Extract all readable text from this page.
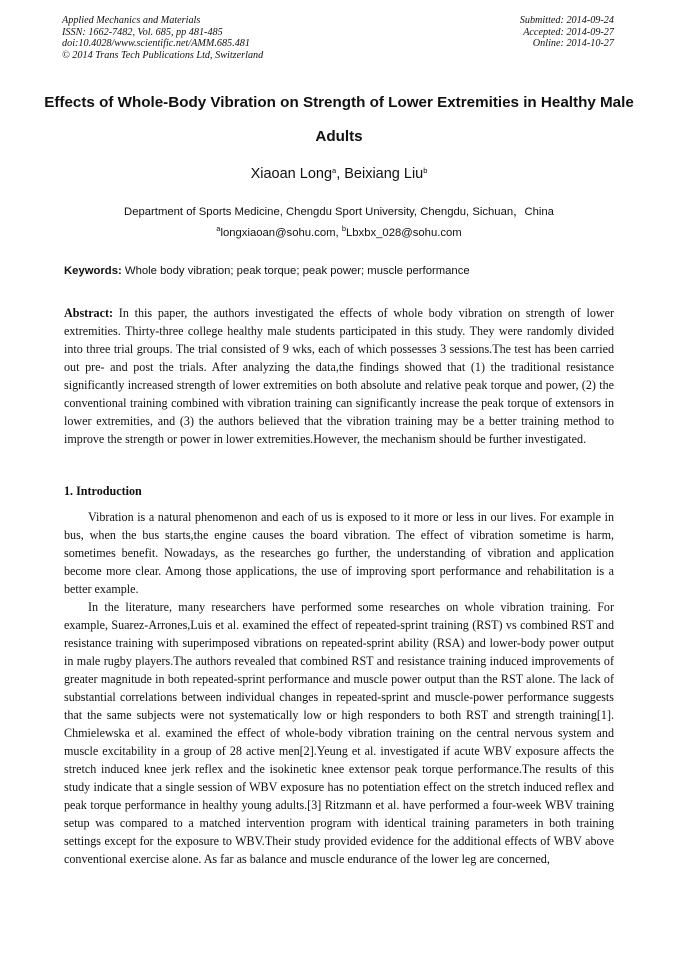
Applied Mechanics and Materials
ISSN: 1662-7482, Vol. 685, pp 481-485
doi:10.4028/www.scientific.net/AMM.685.481
© 2014 Trans Tech Publications Ltd, Switzerland
Submitted: 2014-09-24
Accepted: 2014-09-27
Online: 2014-10-27
Effects of Whole-Body Vibration on Strength of Lower Extremities in Healthy Male Adults
Xiaoan Long$^a$, Beixiang Liu$^b$
Department of Sports Medicine, Chengdu Sport University, Chengdu, Sichuan，China
$^a$longxiaoan@sohu.com, $^b$Lbxbx_028@sohu.com
Keywords: Whole body vibration; peak torque; peak power; muscle performance
Abstract: In this paper, the authors investigated the effects of whole body vibration on strength of lower extremities. Thirty-three college healthy male students participated in this study. They were randomly divided into three trial groups. The trial consisted of 9 wks, each of which possesses 3 sessions.The test has been carried out pre- and post the trials. After analyzing the data,the findings showed that (1) the traditional resistance significantly increased strength of lower extremities on both absolute and relative peak torque and power, (2) the conventional training combined with vibration training can significantly increase the peak torque of extensors in lower extremities, and (3) the authors believed that the vibration training may be a better training method to improve the strength or power in lower extremities.However, the mechanism should be further investigated.
1. Introduction

Vibration is a natural phenomenon and each of us is exposed to it more or less in our lives. For example in bus, when the bus starts,the engine causes the board vibration. The effect of vibration sometime is harm, sometimes benefit. Nowadays, as the researches go further, the understanding of vibration and application become more clear. Among those applications, the use of improving sport performance and rehabilitation is a better example.

In the literature, many researchers have performed some researches on whole vibration training. For example, Suarez-Arrones,Luis et al. examined the effect of repeated-sprint training (RST) vs combined RST and resistance training with superimposed vibrations on repeated-sprint ability (RSA) and lower-body power output in male rugby players.The authors revealed that combined RST and resistance training induced improvements of greater magnitude in both repeated-sprint performance and muscle power output than the RST alone. The lack of substantial correlations between individual changes in repeated-sprint and muscle-power performance suggests that the same subjects were not systematically low or high responders to both RST and strength training[1]. Chmielewska et al. examined the effect of whole-body vibration training on the central nervous system and muscle excitability in a group of 28 active men[2].Yeung et al. investigated if acute WBV exposure affects the stretch induced knee jerk reflex and the isokinetic knee extensor peak torque performance.The results of this study indicate that a single session of WBV exposure has no potentiation effect on the stretch induced reflex and peak torque performance in healthy young adults.[3] Ritzmann et al. have performed a four-week WBV training setup was compared to a matched intervention program with identical training parameters in both training settings except for the exposure to WBV.Their study provided evidence for the additional effects of WBV above conventional exercise alone. As far as balance and muscle endurance of the lower leg are concerned,
